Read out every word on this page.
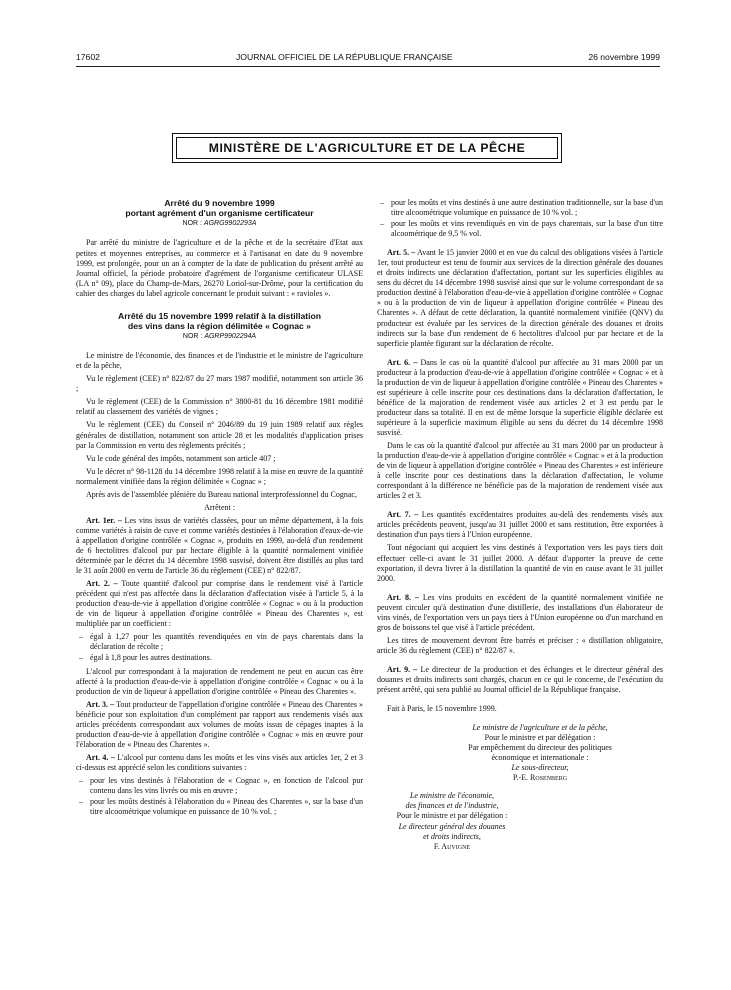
17602	JOURNAL OFFICIEL DE LA RÉPUBLIQUE FRANÇAISE	26 novembre 1999
MINISTÈRE DE L'AGRICULTURE ET DE LA PÊCHE
Arrêté du 9 novembre 1999
portant agrément d'un organisme certificateur
NOR : AGRG9902293A

Par arrêté du ministre de l'agriculture et de la pêche et de la secrétaire d'Etat aux petites et moyennes entreprises, au commerce et à l'artisanat en date du 9 novembre 1999, est prolongée, pour un an à compter de la date de publication du présent arrêté au Journal officiel, la période probatoire d'agrément de l'organisme certificateur ULASE (LA n° 09), place du Champ-de-Mars, 26270 Loriol-sur-Drôme, pour la certification du cahier des charges du label agricole concernant le produit suivant : « ravioles ».

Arrêté du 15 novembre 1999 relatif à la distillation
des vins dans la région délimitée « Cognac »
NOR : AGRP9902294A

Le ministre de l'économie, des finances et de l'industrie et le ministre de l'agriculture et de la pêche,

Vu le règlement (CEE) n° 822/87 du 27 mars 1987 modifié, notamment son article 36 ;

Vu le règlement (CEE) de la Commission n° 3800-81 du 16 décembre 1981 modifié relatif au classement des variétés de vignes ;

Vu le règlement (CEE) du Conseil n° 2046/89 du 19 juin 1989 relatif aux règles générales de distillation, notamment son article 28 et les modalités d'application prises par la Commission en vertu des règlements précités ;

Vu le code général des impôts, notamment son article 407 ;

Vu le décret n° 98-1128 du 14 décembre 1998 relatif à la mise en œuvre de la quantité normalement vinifiée dans la région délimitée « Cognac » ;

Après avis de l'assemblée plénière du Bureau national interprofessionnel du Cognac,

Arrêtent :

Art. 1er. – Les vins issus de variétés classées, pour un même département, à la fois comme variétés à raisin de cuve et comme variétés destinées à l'élaboration d'eaux-de-vie à appellation d'origine contrôlée « Cognac », produits en 1999, au-delà d'un rendement de 6 hectolitres d'alcool pur par hectare éligible à la quantité normalement vinifiée déterminée par le décret du 14 décembre 1998 susvisé, doivent être distillés au plus tard le 31 août 2000 en vertu de l'article 36 du règlement (CEE) n° 822/87.

Art. 2. – Toute quantité d'alcool pur comprise dans le rendement visé à l'article précédent qui n'est pas affectée dans la déclaration d'affectation visée à l'article 5, à la production d'eau-de-vie à appellation d'origine contrôlée « Cognac » ou à la production de vin de liqueur à appellation d'origine contrôlée « Pineau des Charentes », est multipliée par un coefficient :

– égal à 1,27 pour les quantités revendiquées en vin de pays charentais dans la déclaration de récolte ;
– égal à 1,8 pour les autres destinations.

L'alcool pur correspondant à la majoration de rendement ne peut en aucun cas être affecté à la production d'eau-de-vie à appellation d'origine contrôlée « Cognac » ou à la production de vin de liqueur à appellation d'origine contrôlée « Pineau des Charentes ».

Art. 3. – Tout producteur de l'appellation d'origine contrôlée « Pineau des Charentes » bénéficie pour son exploitation d'un complément par rapport aux rendements visés aux articles précédents correspondant aux volumes de moûts issus de cépages inaptes à la production d'eau-de-vie à appellation d'origine contrôlée « Cognac » mis en œuvre pour l'élaboration de « Pineau des Charentes ».

Art. 4. – L'alcool pur contenu dans les moûts et les vins visés aux articles 1er, 2 et 3 ci-dessus est apprécié selon les conditions suivantes :

– pour les vins destinés à l'élaboration de « Cognac », en fonction de l'alcool pur contenu dans les vins livrés ou mis en œuvre ;
– pour les moûts destinés à l'élaboration du « Pineau des Charentes », sur la base d'un titre alcoométrique volumique en puissance de 10 % vol. ;
– pour les moûts et vins destinés à une autre destination traditionnelle, sur la base d'un titre alcoométrique volumique en puissance de 10 % vol. ;
– pour les moûts et vins revendiqués en vin de pays charentais, sur la base d'un titre alcoométrique de 9,5 % vol.

Art. 5. – Avant le 15 janvier 2000 et en vue du calcul des obligations visées à l'article 1er, tout producteur est tenu de fournir aux services de la direction générale des douanes et droits indirects une déclaration d'affectation, portant sur les superficies éligibles au sens du décret du 14 décembre 1998 susvisé ainsi que sur le volume correspondant de sa production destiné à l'élaboration d'eau-de-vie à appellation d'origine contrôlée « Cognac » ou à la production de vin de liqueur à appellation d'origine contrôlée « Pineau des Charentes ». A défaut de cette déclaration, la quantité normalement vinifiée (QNV) du producteur est évaluée par les services de la direction générale des douanes et droits indirects sur la base d'un rendement de 6 hectolitres d'alcool pur par hectare et de la superficie plantée figurant sur la déclaration de récolte.

Art. 6. – Dans le cas où la quantité d'alcool pur affectée au 31 mars 2000 par un producteur à la production d'eau-de-vie à appellation d'origine contrôlée « Cognac » et à la production de vin de liqueur à appellation d'origine contrôlée « Pineau des Charentes » est supérieure à celle inscrite pour ces destinations dans la déclaration d'affectation, le bénéfice de la majoration de rendement visée aux articles 2 et 3 est perdu par le producteur dans sa totalité. Il en est de même lorsque la superficie éligible déclarée est supérieure à la superficie maximum éligible au sens du décret du 14 décembre 1998 susvisé.

Dans le cas où la quantité d'alcool pur affectée au 31 mars 2000 par un producteur à la production d'eau-de-vie à appellation d'origine contrôlée « Cognac » et à la production de vin de liqueur à appellation d'origine contrôlée « Pineau des Charentes » est inférieure à celle inscrite pour ces destinations dans la déclaration d'affectation, le volume correspondant à la différence ne bénéficie pas de la majoration de rendement visée aux articles 2 et 3.

Art. 7. – Les quantités excédentaires produites au-delà des rendements visés aux articles précédents peuvent, jusqu'au 31 juillet 2000 et sans restitution, être exportées à destination d'un pays tiers à l'Union européenne.

Tout négociant qui acquiert les vins destinés à l'exportation vers les pays tiers doit effectuer celle-ci avant le 31 juillet 2000. A défaut d'apporter la preuve de cette exportation, il devra livrer à la distillation la quantité de vin en cause avant le 31 juillet 2000.

Art. 8. – Les vins produits en excédent de la quantité normalement vinifiée ne peuvent circuler qu'à destination d'une distillerie, des installations d'un élaborateur de vins vinés, de l'exportation vers un pays tiers à l'Union européenne ou d'un marchand en gros de boissons tel que visé à l'article précédent.

Les titres de mouvement devront être barrés et préciser : « distillation obligatoire, article 36 du règlement (CEE) n° 822/87 ».

Art. 9. – Le directeur de la production et des échanges et le directeur général des douanes et droits indirects sont chargés, chacun en ce qui le concerne, de l'exécution du présent arrêté, qui sera publié au Journal officiel de la République française.

Fait à Paris, le 15 novembre 1999.

Le ministre de l'agriculture et de la pêche,
Pour le ministre et par délégation :
Par empêchement du directeur des politiques
économique et internationale :
Le sous-directeur,
P.-E. Rosenberg
Le ministre de l'économie,
des finances et de l'industrie,
Pour le ministre et par délégation :
Le directeur général des douanes
et droits indirects,
F. Auvigne
